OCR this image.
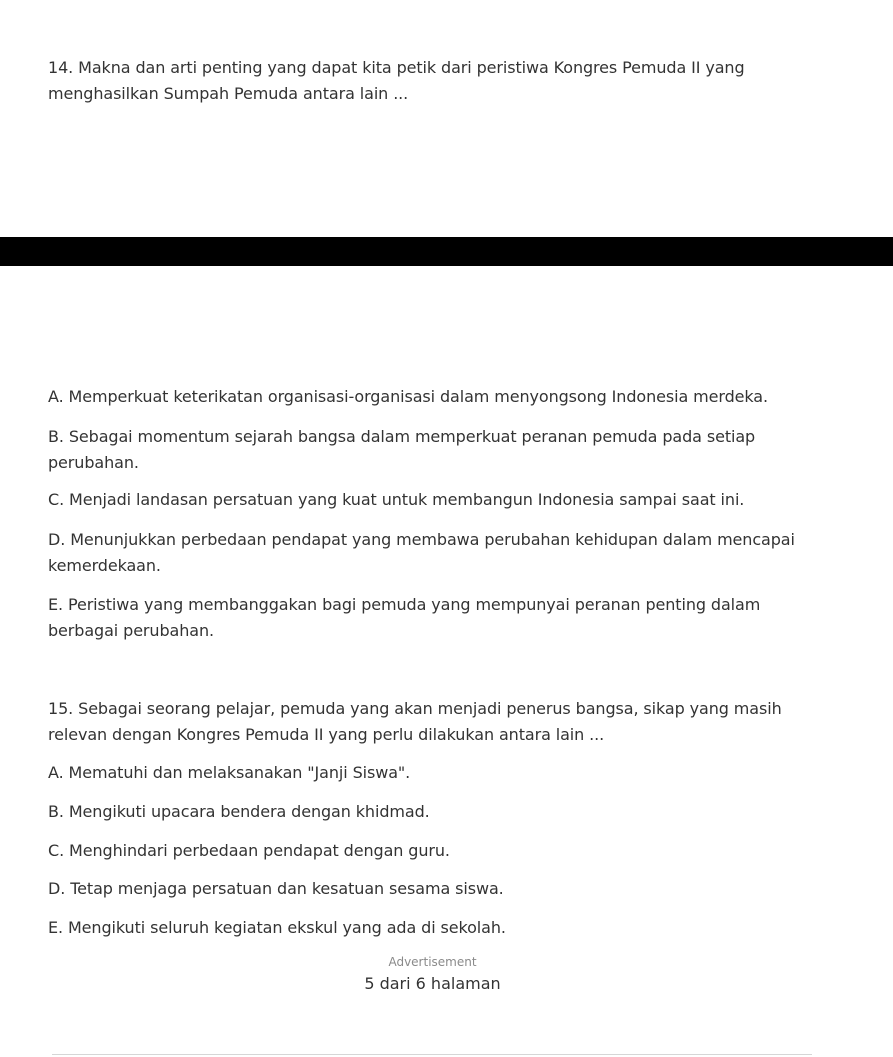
14. Makna dan arti penting yang dapat kita petik dari peristiwa Kongres Pemuda II yang menghasilkan Sumpah Pemuda antara lain ...

A. Memperkuat keterikatan organisasi-organisasi dalam menyongsong Indonesia merdeka.

B. Sebagai momentum sejarah bangsa dalam memperkuat peranan pemuda pada setiap perubahan.

C. Menjadi landasan persatuan yang kuat untuk membangun Indonesia sampai saat ini.

D. Menunjukkan perbedaan pendapat yang membawa perubahan kehidupan dalam mencapai kemerdekaan.

E. Peristiwa yang membanggakan bagi pemuda yang mempunyai peranan penting dalam berbagai perubahan.

15. Sebagai seorang pelajar, pemuda yang akan menjadi penerus bangsa, sikap yang masih relevan dengan Kongres Pemuda II yang perlu dilakukan antara lain ...

A. Mematuhi dan melaksanakan "Janji Siswa".

B. Mengikuti upacara bendera dengan khidmad.

C. Menghindari perbedaan pendapat dengan guru.

D. Tetap menjaga persatuan dan kesatuan sesama siswa.

E. Mengikuti seluruh kegiatan ekskul yang ada di sekolah.

Advertisement
5 dari 6 halaman
